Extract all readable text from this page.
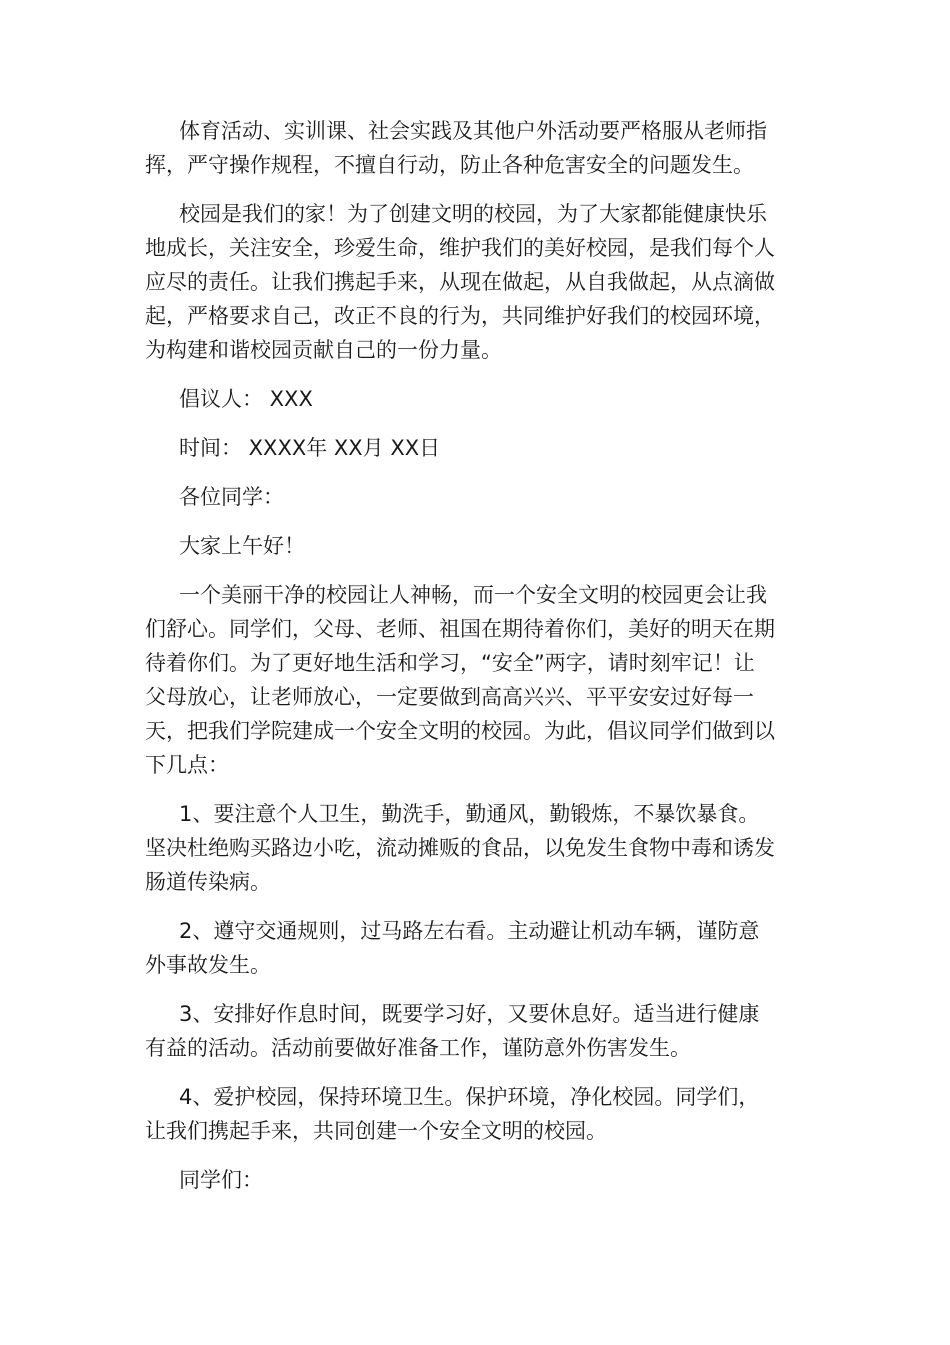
体育活动、实训课、社会实践及其他户外活动要严格服从老师指挥，严守操作规程，不擅自行动，防止各种危害安全的问题发生。

校园是我们的家！为了创建文明的校园，为了大家都能健康快乐地成长，关注安全，珍爱生命，维护我们的美好校园，是我们每个人应尽的责任。让我们携起手来，从现在做起，从自我做起，从点滴做起，严格要求自己，改正不良的行为，共同维护好我们的校园环境，为构建和谐校园贡献自己的一份力量。

倡议人： XXX

时间： XXXX年 XX月 XX日

各位同学：

大家上午好！

一个美丽干净的校园让人神畅，而一个安全文明的校园更会让我们舒心。同学们，父母、老师、祖国在期待着你们，美好的明天在期待着你们。为了更好地生活和学习，“安全”两字，请时刻牢记！让父母放心，让老师放心，一定要做到高高兴兴、平平安安过好每一天，把我们学院建成一个安全文明的校园。为此，倡议同学们做到以下几点：

1、要注意个人卫生，勤洗手，勤通风，勤锻炼，不暴饮暴食。坚决杜绝购买路边小吃，流动摊贩的食品，以免发生食物中毒和诱发肠道传染病。

2、遵守交通规则，过马路左右看。主动避让机动车辆，谨防意外事故发生。

3、安排好作息时间，既要学习好，又要休息好。适当进行健康有益的活动。活动前要做好准备工作，谨防意外伤害发生。

4、爱护校园，保持环境卫生。保护环境，净化校园。同学们，让我们携起手来，共同创建一个安全文明的校园。

同学们：
